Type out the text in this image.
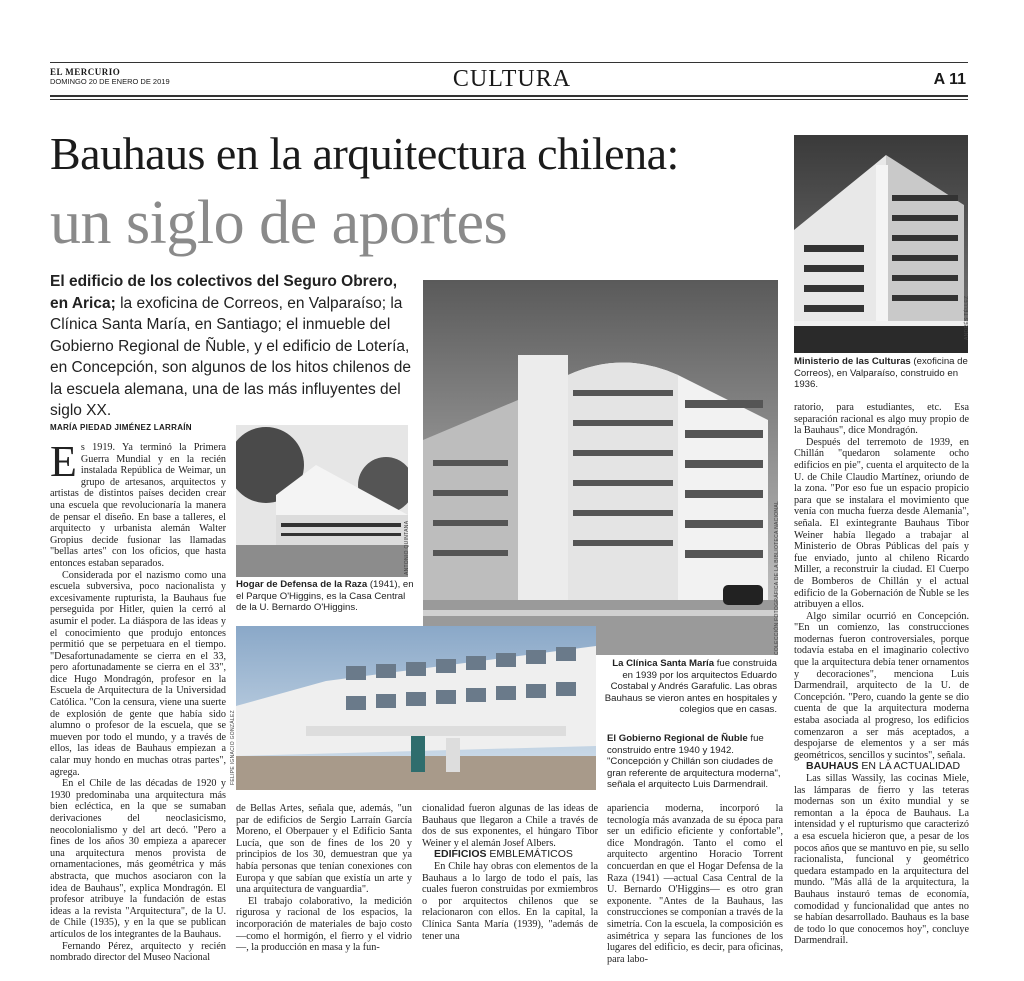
EL MERCURIO
DOMINGO 20 DE ENERO DE 2019	CULTURA	A 11
Bauhaus en la arquitectura chilena:
un siglo de aportes
El edificio de los colectivos del Seguro Obrero, en Arica; la exoficina de Correos, en Valparaíso; la Clínica Santa María, en Santiago; el inmueble del Gobierno Regional de Ñuble, y el edificio de Lotería, en Concepción, son algunos de los hitos chilenos de la escuela alemana, una de las más influyentes del siglo XX.
MARÍA PIEDAD JIMÉNEZ LARRAÍN
ANDRÉS TÉLLEZ
Ministerio de las Culturas (exoficina de Correos), en Valparaíso, construido en 1936.
COLECCIÓN FOTOGRÁFICA DE LA BIBLIOTECA NACIONAL
La Clínica Santa María fue construida en 1939 por los arquitectos Eduardo Costabal y Andrés Garafulic. Las obras Bauhaus se vieron antes en hospitales y colegios que en casas.
ANTONIO QUINTANA
Hogar de Defensa de la Raza (1941), en el Parque O'Higgins, es la Casa Central de la U. Bernardo O'Higgins.
FELIPE IGNACIO GONZÁLEZ	El Gobierno Regional de Ñuble fue construido entre 1940 y 1942. "Concepción y Chillán son ciudades de gran referente de arquitectura moderna", señala el arquitecto Luis Darmendrail.

Es 1919. Ya terminó la Primera Guerra Mundial y en la recién instalada República de Weimar, un grupo de artesanos, arquitectos y artistas de distintos países deciden crear una escuela que revolucionaría la manera de pensar el diseño. En base a talleres, el arquitecto y urbanista alemán Walter Gropius decide fusionar las llamadas "bellas artes" con los oficios, que hasta entonces estaban separados.

Considerada por el nazismo como una escuela subversiva, poco nacionalista y excesivamente rupturista, la Bauhaus fue perseguida por Hitler, quien la cerró al asumir el poder. La diáspora de las ideas y el conocimiento que produjo entonces permitió que se perpetuara en el tiempo. "Desafortunadamente se cierra en el 33, pero afortunadamente se cierra en el 33", dice Hugo Mondragón, profesor en la Escuela de Arquitectura de la Universidad Católica. "Con la censura, viene una suerte de explosión de gente que había sido alumno o profesor de la escuela, que se mueven por todo el mundo, y a través de ellos, las ideas de Bauhaus empiezan a calar muy hondo en muchas otras partes", agrega.

En el Chile de las décadas de 1920 y 1930 predominaba una arquitectura más bien ecléctica, en la que se sumaban derivaciones del neoclasicismo, neocolonialismo y del art decó. "Pero a fines de los años 30 empieza a aparecer una arquitectura menos provista de ornamentaciones, más geométrica y más abstracta, que muchos asociaron con la idea de Bauhaus", explica Mondragón. El profesor atribuye la fundación de estas ideas a la revista "Arquitectura", de la U. de Chile (1935), y en la que se publican artículos de los integrantes de la Bauhaus.

Fernando Pérez, arquitecto y recién nombrado director del Museo Nacional

de Bellas Artes, señala que, además, "un par de edificios de Sergio Larraín García Moreno, el Oberpauer y el Edificio Santa Lucía, que son de fines de los 20 y principios de los 30, demuestran que ya había personas que tenían conexiones con Europa y que sabían que existía un arte y una arquitectura de vanguardia".

El trabajo colaborativo, la medición rigurosa y racional de los espacios, la incorporación de materiales de bajo costo —como el hormigón, el fierro y el vidrio—, la producción en masa y la fun-

cionalidad fueron algunas de las ideas de Bauhaus que llegaron a Chile a través de dos de sus exponentes, el húngaro Tibor Weiner y el alemán Josef Albers.

EDIFICIOS EMBLEMÁTICOS

En Chile hay obras con elementos de la Bauhaus a lo largo de todo el país, las cuales fueron construidas por exmiembros o por arquitectos chilenos que se relacionaron con ellos. En la capital, la Clínica Santa María (1939), "además de tener una

apariencia moderna, incorporó la tecnología más avanzada de su época para ser un edificio eficiente y confortable", dice Mondragón. Tanto el como el arquitecto argentino Horacio Torrent concuerdan en que el Hogar Defensa de la Raza (1941) —actual Casa Central de la U. Bernardo O'Higgins— es otro gran exponente. "Antes de la Bauhaus, las construcciones se componían a través de la simetría. Con la escuela, la composición es asimétrica y separa las funciones de los lugares del edificio, es decir, para oficinas, para labo-

ratorio, para estudiantes, etc. Esa separación racional es algo muy propio de la Bauhaus", dice Mondragón.

Después del terremoto de 1939, en Chillán "quedaron solamente ocho edificios en pie", cuenta el arquitecto de la U. de Chile Claudio Martínez, oriundo de la zona. "Por eso fue un espacio propicio para que se instalara el movimiento que venía con mucha fuerza desde Alemania", señala. El exintegrante Bauhaus Tibor Weiner había llegado a trabajar al Ministerio de Obras Públicas del país y fue enviado, junto al chileno Ricardo Miller, a reconstruir la ciudad. El Cuerpo de Bomberos de Chillán y el actual edificio de la Gobernación de Ñuble se les atribuyen a ellos.

Algo similar ocurrió en Concepción. "En un comienzo, las construcciones modernas fueron controversiales, porque todavía estaba en el imaginario colectivo que la arquitectura debía tener ornamentos y decoraciones", menciona Luis Darmendrail, arquitecto de la U. de Concepción. "Pero, cuando la gente se dio cuenta de que la arquitectura moderna estaba asociada al progreso, los edificios comenzaron a ser más aceptados, a despojarse de elementos y a ser más geométricos, sencillos y sucintos", señala.

BAUHAUS EN LA ACTUALIDAD

Las sillas Wassily, las cocinas Miele, las lámparas de fierro y las teteras modernas son un éxito mundial y se remontan a la época de Bauhaus. La intensidad y el rupturismo que caracterizó a esa escuela hicieron que, a pesar de los pocos años que se mantuvo en pie, su sello racionalista, funcional y geométrico quedara estampado en la arquitectura del mundo. "Más allá de la arquitectura, la Bauhaus instauró temas de economía, comodidad y funcionalidad que antes no se habían desarrollado. Bauhaus es la base de todo lo que conocemos hoy", concluye Darmendrail.
